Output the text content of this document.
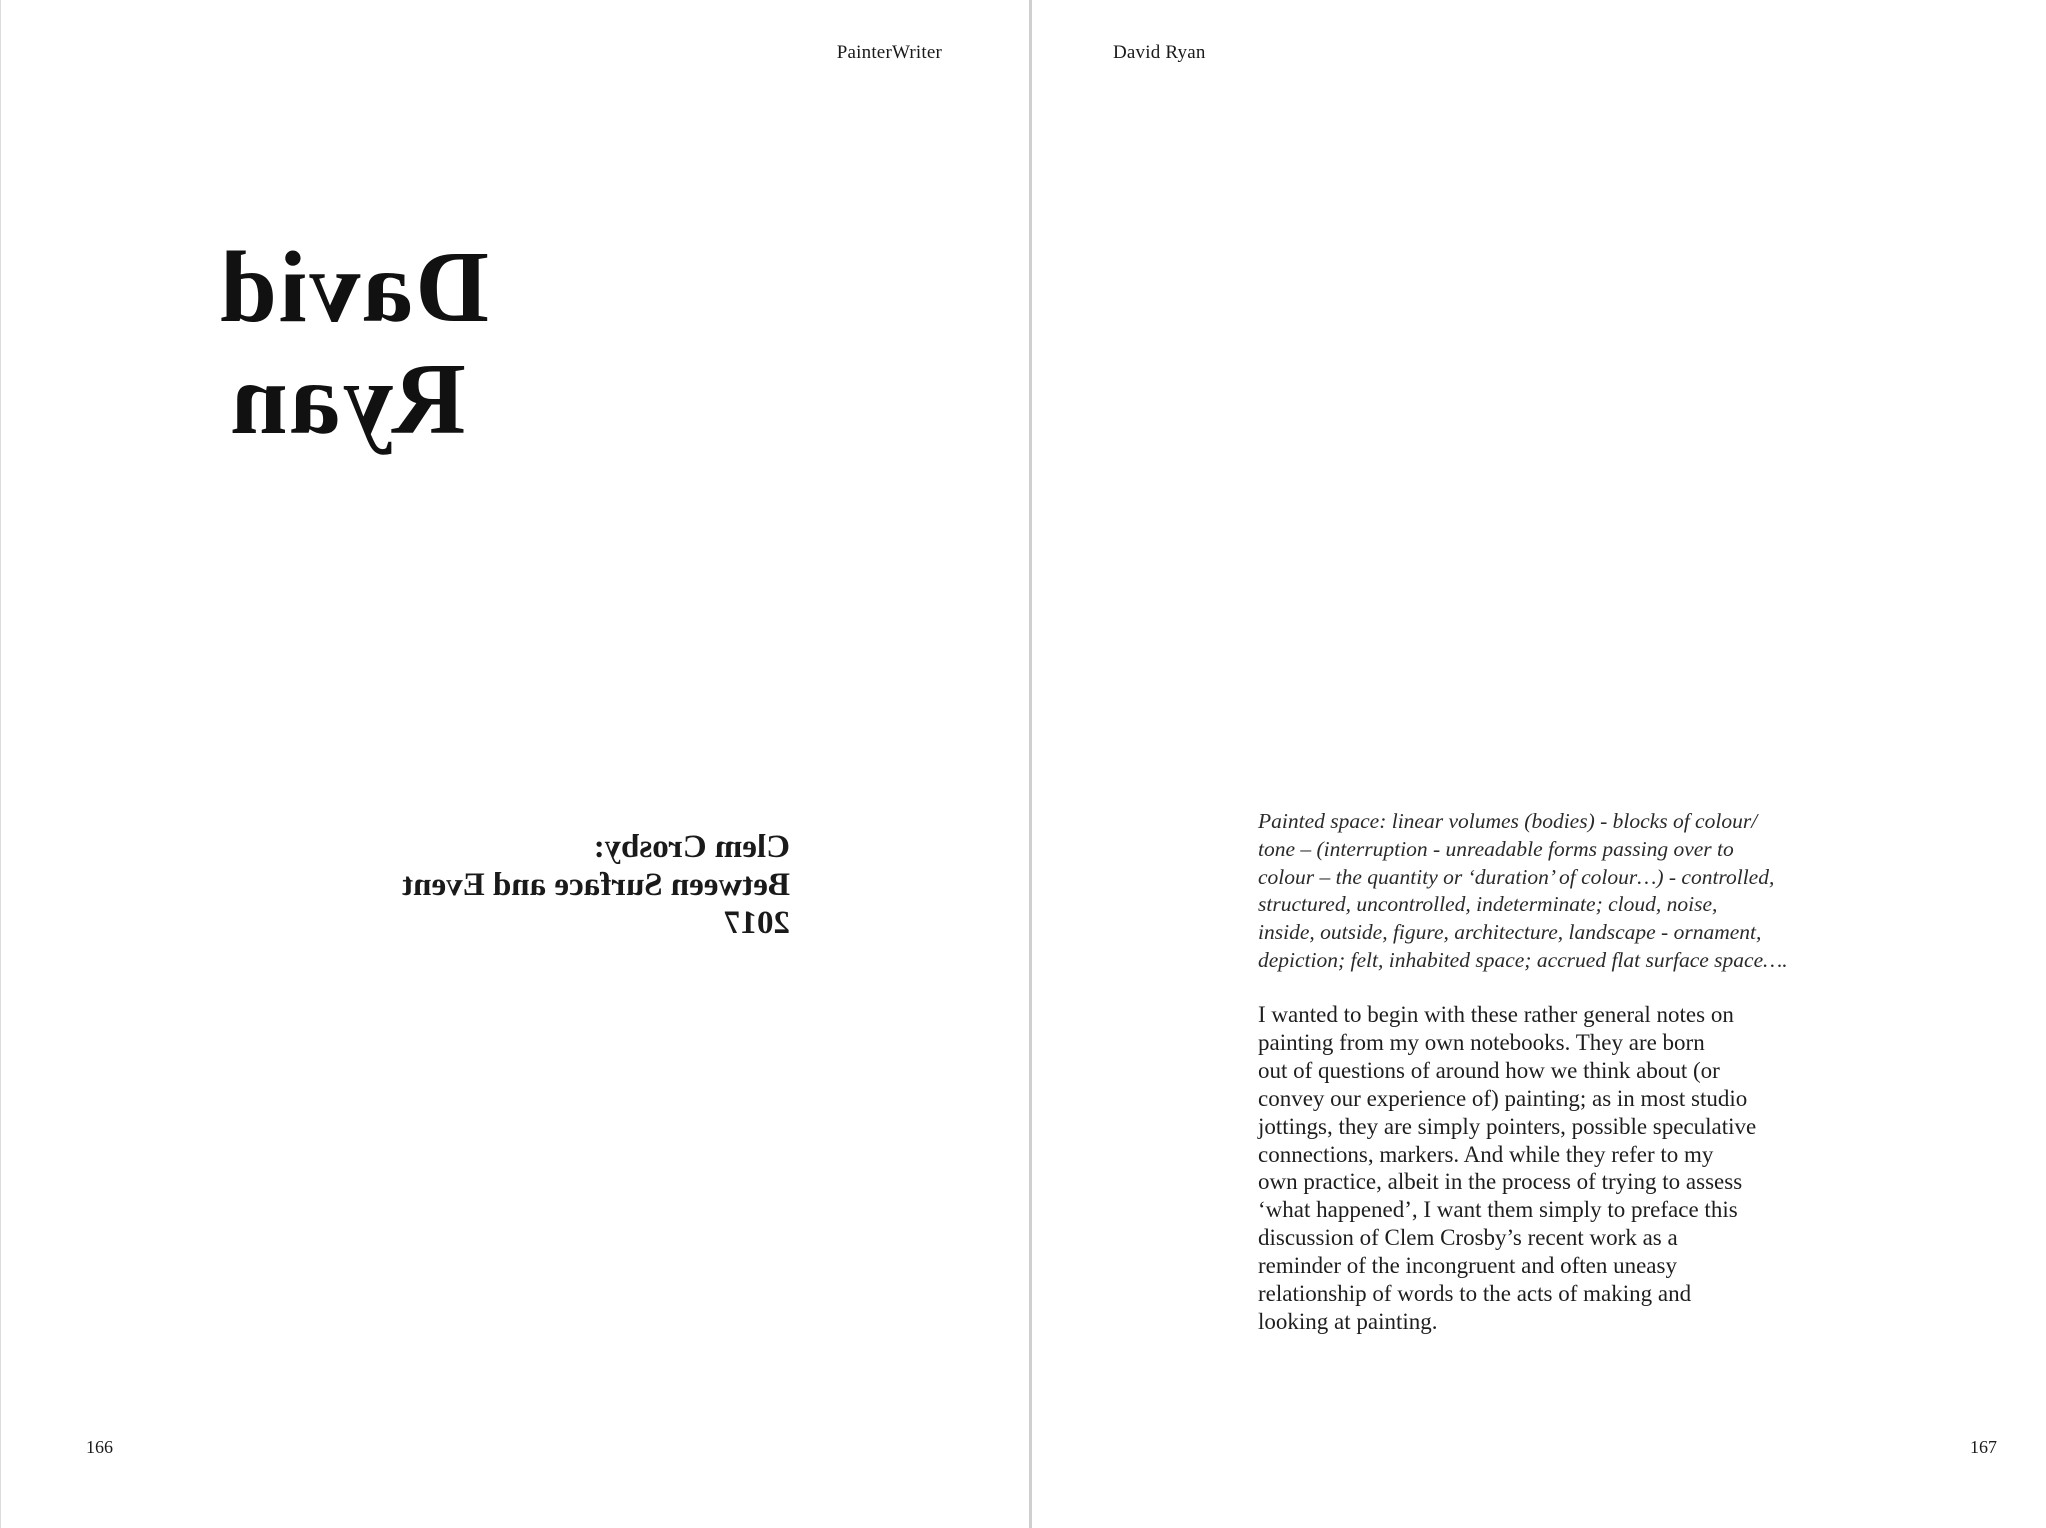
PainterWriter
David
Ryan
Clem Crosby:
Between Surface and Event
2017
166
David Ryan
Painted space: linear volumes (bodies) - blocks of colour/
tone – (interruption - unreadable forms passing over to
colour – the quantity or ‘duration’ of colour…) - controlled,
structured, uncontrolled, indeterminate; cloud, noise,
inside, outside, figure, architecture, landscape - ornament,
depiction; felt, inhabited space; accrued flat surface space….
I wanted to begin with these rather general notes on
painting from my own notebooks. They are born
out of questions of around how we think about (or
convey our experience of) painting; as in most studio
jottings, they are simply pointers, possible speculative
connections, markers. And while they refer to my
own practice, albeit in the process of trying to assess
‘what happened’, I want them simply to preface this
discussion of Clem Crosby’s recent work as a
reminder of the incongruent and often uneasy
relationship of words to the acts of making and
looking at painting.
167
